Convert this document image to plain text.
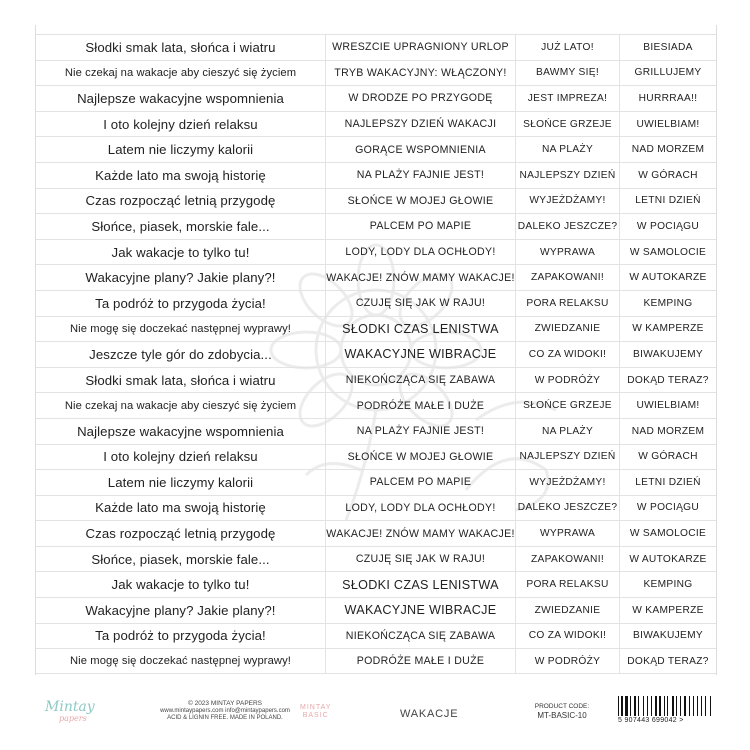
Słodki smak lata, słońca i wiatru	WRESZCIE UPRAGNIONY URLOP	JUŻ LATO!	BIESIADA
Nie czekaj na wakacje aby cieszyć się życiem	TRYB WAKACYJNY: WŁĄCZONY!	BAWMY SIĘ!	GRILLUJEMY
Najlepsze wakacyjne wspomnienia	W DRODZE PO PRZYGODĘ	JEST IMPREZA!	HURRRAA!!
I oto kolejny dzień relaksu	NAJLEPSZY DZIEŃ WAKACJI	SŁOŃCE GRZEJE	UWIELBIAM!
Latem nie liczymy kalorii	GORĄCE WSPOMNIENIA	NA PLAŻY	NAD MORZEM
Każde lato ma swoją historię	NA PLAŻY FAJNIE JEST!	NAJLEPSZY DZIEŃ	W GÓRACH
Czas rozpocząć letnią przygodę	SŁOŃCE W MOJEJ GŁOWIE	WYJEŻDŻAMY!	LETNI DZIEŃ
Słońce, piasek, morskie fale...	PALCEM PO MAPIE	DALEKO JESZCZE?	W POCIĄGU
Jak wakacje to tylko tu!	LODY, LODY DLA OCHŁODY!	WYPRAWA	W SAMOLOCIE
Wakacyjne plany? Jakie plany?!	WAKACJE! ZNÓW MAMY WAKACJE!	ZAPAKOWANI!	W AUTOKARZE
Ta podróż to przygoda życia!	CZUJĘ SIĘ JAK W RAJU!	PORA RELAKSU	KEMPING
Nie mogę się doczekać następnej wyprawy!	SŁODKI CZAS LENISTWA	ZWIEDZANIE	W KAMPERZE
Jeszcze tyle gór do zdobycia...	WAKACYJNE WIBRACJE	CO ZA WIDOKI!	BIWAKUJEMY
Słodki smak lata, słońca i wiatru	NIEKOŃCZĄCA SIĘ ZABAWA	W PODRÓŻY	DOKĄD TERAZ?
Nie czekaj na wakacje aby cieszyć się życiem	PODRÓŻE MAŁE I DUŻE	SŁOŃCE GRZEJE	UWIELBIAM!
Najlepsze wakacyjne wspomnienia	NA PLAŻY FAJNIE JEST!	NA PLAŻY	NAD MORZEM
I oto kolejny dzień relaksu	SŁOŃCE W MOJEJ GŁOWIE	NAJLEPSZY DZIEŃ	W GÓRACH
Latem nie liczymy kalorii	PALCEM PO MAPIE	WYJEŻDŻAMY!	LETNI DZIEŃ
Każde lato ma swoją historię	LODY, LODY DLA OCHŁODY!	DALEKO JESZCZE?	W POCIĄGU
Czas rozpocząć letnią przygodę	WAKACJE! ZNÓW MAMY WAKACJE!	WYPRAWA	W SAMOLOCIE
Słońce, piasek, morskie fale...	CZUJĘ SIĘ JAK W RAJU!	ZAPAKOWANI!	W AUTOKARZE
Jak wakacje to tylko tu!	SŁODKI CZAS LENISTWA	PORA RELAKSU	KEMPING
Wakacyjne plany? Jakie plany?!	WAKACYJNE WIBRACJE	ZWIEDZANIE	W KAMPERZE
Ta podróż to przygoda życia!	NIEKOŃCZĄCA SIĘ ZABAWA	CO ZA WIDOKI!	BIWAKUJEMY
Nie mogę się doczekać następnej wyprawy!	PODRÓŻE MAŁE I DUŻE	W PODRÓŻY	DOKĄD TERAZ?
Mintay
papers
© 2023 MINTAY PAPERS
www.mintaypapers.com info@mintaypapers.com
ACID & LIGNIN FREE. MADE IN POLAND.
MINTAY
BASIC	WAKACJE
PRODUCT CODE:
MT-BASIC-10
5 907443 699042 >
